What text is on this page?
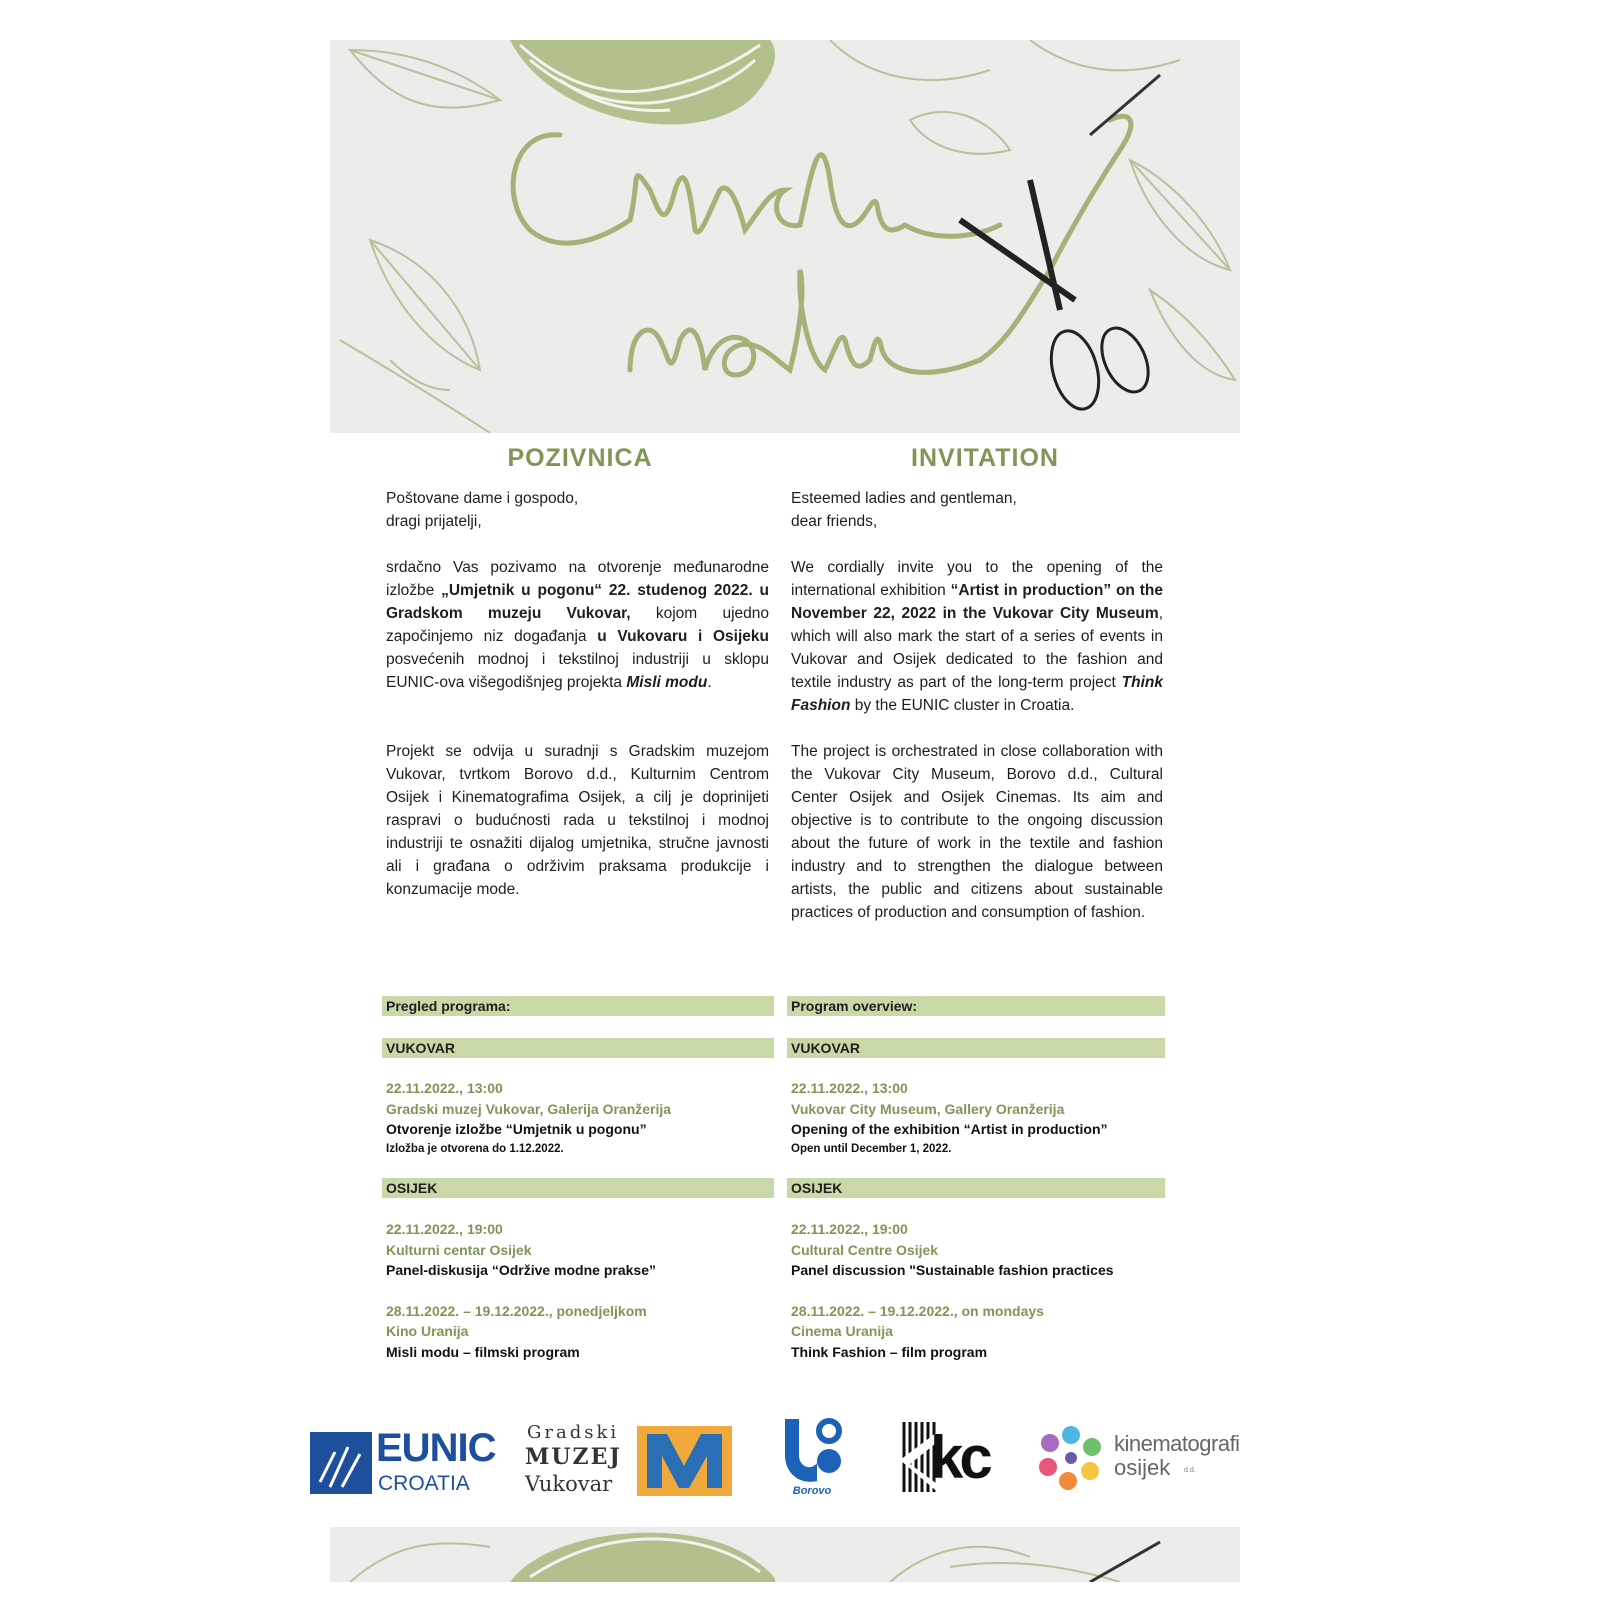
POZIVNICA	INVITATION

Poštovane dame i gospodo,

dragi prijatelji,

srdačno Vas pozivamo na otvorenje međunarodne izložbe „Umjetnik u pogonu“ 22. studenog 2022. u Gradskom muzeju Vukovar, kojom ujedno započinjemo niz događanja u Vukovaru i Osijeku posvećenih modnoj i tekstilnoj industriji u sklopu EUNIC-ova višegodišnjeg projekta Misli modu.

Projekt se odvija u suradnji s Gradskim muzejom Vukovar, tvrtkom Borovo d.d., Kulturnim Centrom Osijek i Kinematografima Osijek, a cilj je doprinijeti raspravi o budućnosti rada u tekstilnoj i modnoj industriji te osnažiti dijalog umjetnika, stručne javnosti ali i građana o održivim praksama produkcije i konzumacije mode.

Esteemed ladies and gentleman,

dear friends,

We cordially invite you to the opening of the international exhibition “Artist in production” on the November 22, 2022 in the Vukovar City Museum, which will also mark the start of a series of events in Vukovar and Osijek dedicated to the fashion and textile industry as part of the long-term project Think Fashion by the EUNIC cluster in Croatia.

The project is orchestrated in close collaboration with the Vukovar City Museum, Borovo d.d., Cultural Center Osijek and Osijek Cinemas. Its aim and objective is to contribute to the ongoing discussion about the future of work in the textile and fashion industry and to strengthen the dialogue between artists, the public and citizens about sustainable practices of production and consumption of fashion.

Pregled programa:	Program overview:
VUKOVAR	VUKOVAR
22.11.2022., 13:00
Gradski muzej Vukovar, Galerija Oranžerija
Otvorenje izložbe “Umjetnik u pogonu”
Izložba je otvorena do 1.12.2022.
22.11.2022., 13:00
Vukovar City Museum, Gallery Oranžerija
Opening of the exhibition “Artist in production”
Open until December 1, 2022.
OSIJEK	OSIJEK
22.11.2022., 19:00
Kulturni centar Osijek
Panel-diskusija “Održive modne prakse”
28.11.2022. – 19.12.2022., ponedjeljkom
Kino Uranija
Misli modu – filmski program
22.11.2022., 19:00
Cultural Centre Osijek
Panel discussion "Sustainable fashion practices
28.11.2022. – 19.12.2022., on mondays
Cinema Uranija
Think Fashion – film program
EUNIC
CROATIA
Gradski
MUZEJ
Vukovar	Borovo kc	kinematografi
osijek d.d.
